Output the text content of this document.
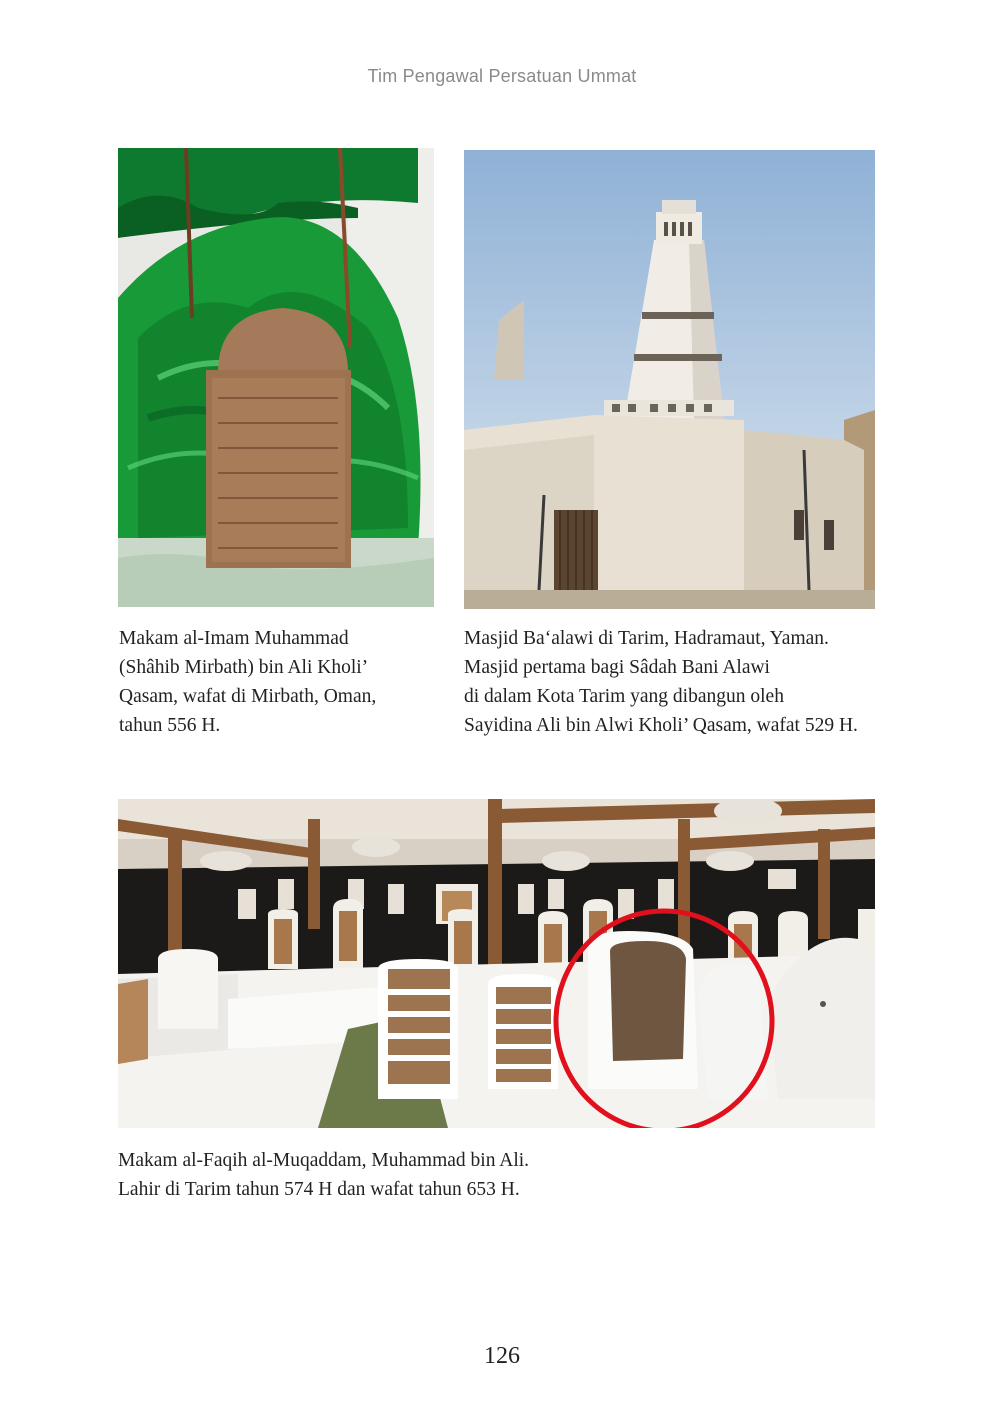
Tim Pengawal Persatuan Ummat
Makam al-Imam Muhammad
(Shâhib Mirbath) bin Ali Kholi’
Qasam, wafat di Mirbath, Oman,
tahun 556 H.
Masjid Ba‘alawi di Tarim, Hadramaut, Yaman.
Masjid pertama bagi Sâdah Bani Alawi
di dalam Kota Tarim yang dibangun oleh
Sayidina Ali bin Alwi Kholi’ Qasam, wafat 529 H.
Makam al-Faqih al-Muqaddam, Muhammad bin Ali.
Lahir di Tarim tahun 574 H dan wafat tahun 653 H.
126
